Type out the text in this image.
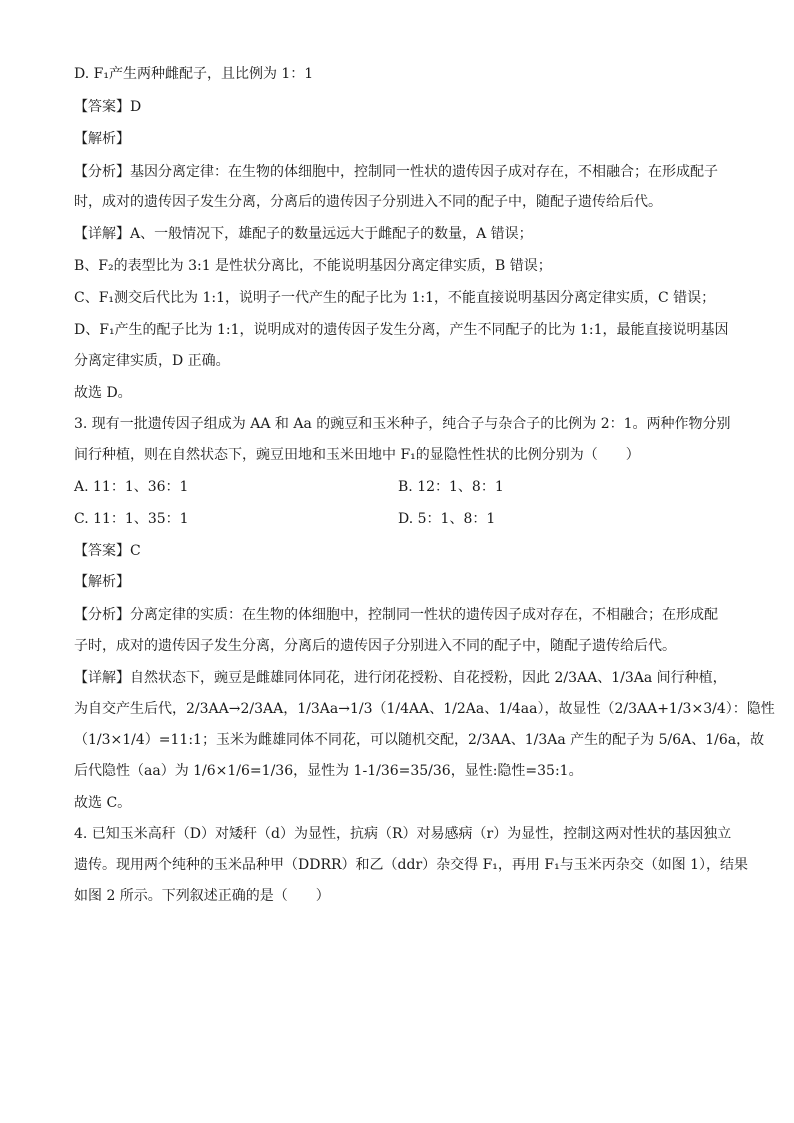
D. F₁产生两种雌配子，且比例为 1：1
【答案】D
【解析】
【分析】基因分离定律：在生物的体细胞中，控制同一性状的遗传因子成对存在，不相融合；在形成配子
时，成对的遗传因子发生分离，分离后的遗传因子分别进入不同的配子中，随配子遗传给后代。
【详解】A、一般情况下，雄配子的数量远远大于雌配子的数量，A 错误；
B、F₂的表型比为 3:1 是性状分离比，不能说明基因分离定律实质，B 错误；
C、F₁测交后代比为 1:1，说明子一代产生的配子比为 1:1，不能直接说明基因分离定律实质，C 错误；
D、F₁产生的配子比为 1:1，说明成对的遗传因子发生分离，产生不同配子的比为 1:1，最能直接说明基因
分离定律实质，D 正确。
故选 D。
3. 现有一批遗传因子组成为 AA 和 Aa 的豌豆和玉米种子，纯合子与杂合子的比例为 2：1。两种作物分别
间行种植，则在自然状态下，豌豆田地和玉米田地中 F₁的显隐性性状的比例分别为（　　）
A. 11：1、36：1	B. 12：1、8：1
C. 11：1、35：1	D. 5：1、8：1
【答案】C
【解析】
【分析】分离定律的实质：在生物的体细胞中，控制同一性状的遗传因子成对存在，不相融合；在形成配
子时，成对的遗传因子发生分离，分离后的遗传因子分别进入不同的配子中，随配子遗传给后代。
【详解】自然状态下，豌豆是雌雄同体同花，进行闭花授粉、自花授粉，因此 2/3AA、1/3Aa 间行种植，
为自交产生后代，2/3AA→2/3AA，1/3Aa→1/3（1/4AA、1/2Aa、1/4aa），故显性（2/3AA+1/3×3/4）：隐性
（1/3×1/4）=11:1；玉米为雌雄同体不同花，可以随机交配，2/3AA、1/3Aa 产生的配子为 5/6A、1/6a，故
后代隐性（aa）为 1/6×1/6=1/36，显性为 1-1/36=35/36，显性:隐性=35:1。
故选 C。
4. 已知玉米高秆（D）对矮秆（d）为显性，抗病（R）对易感病（r）为显性，控制这两对性状的基因独立
遗传。现用两个纯种的玉米品种甲（DDRR）和乙（ddr）杂交得 F₁，再用 F₁与玉米丙杂交（如图 1），结果
如图 2 所示。下列叙述正确的是（　　）
